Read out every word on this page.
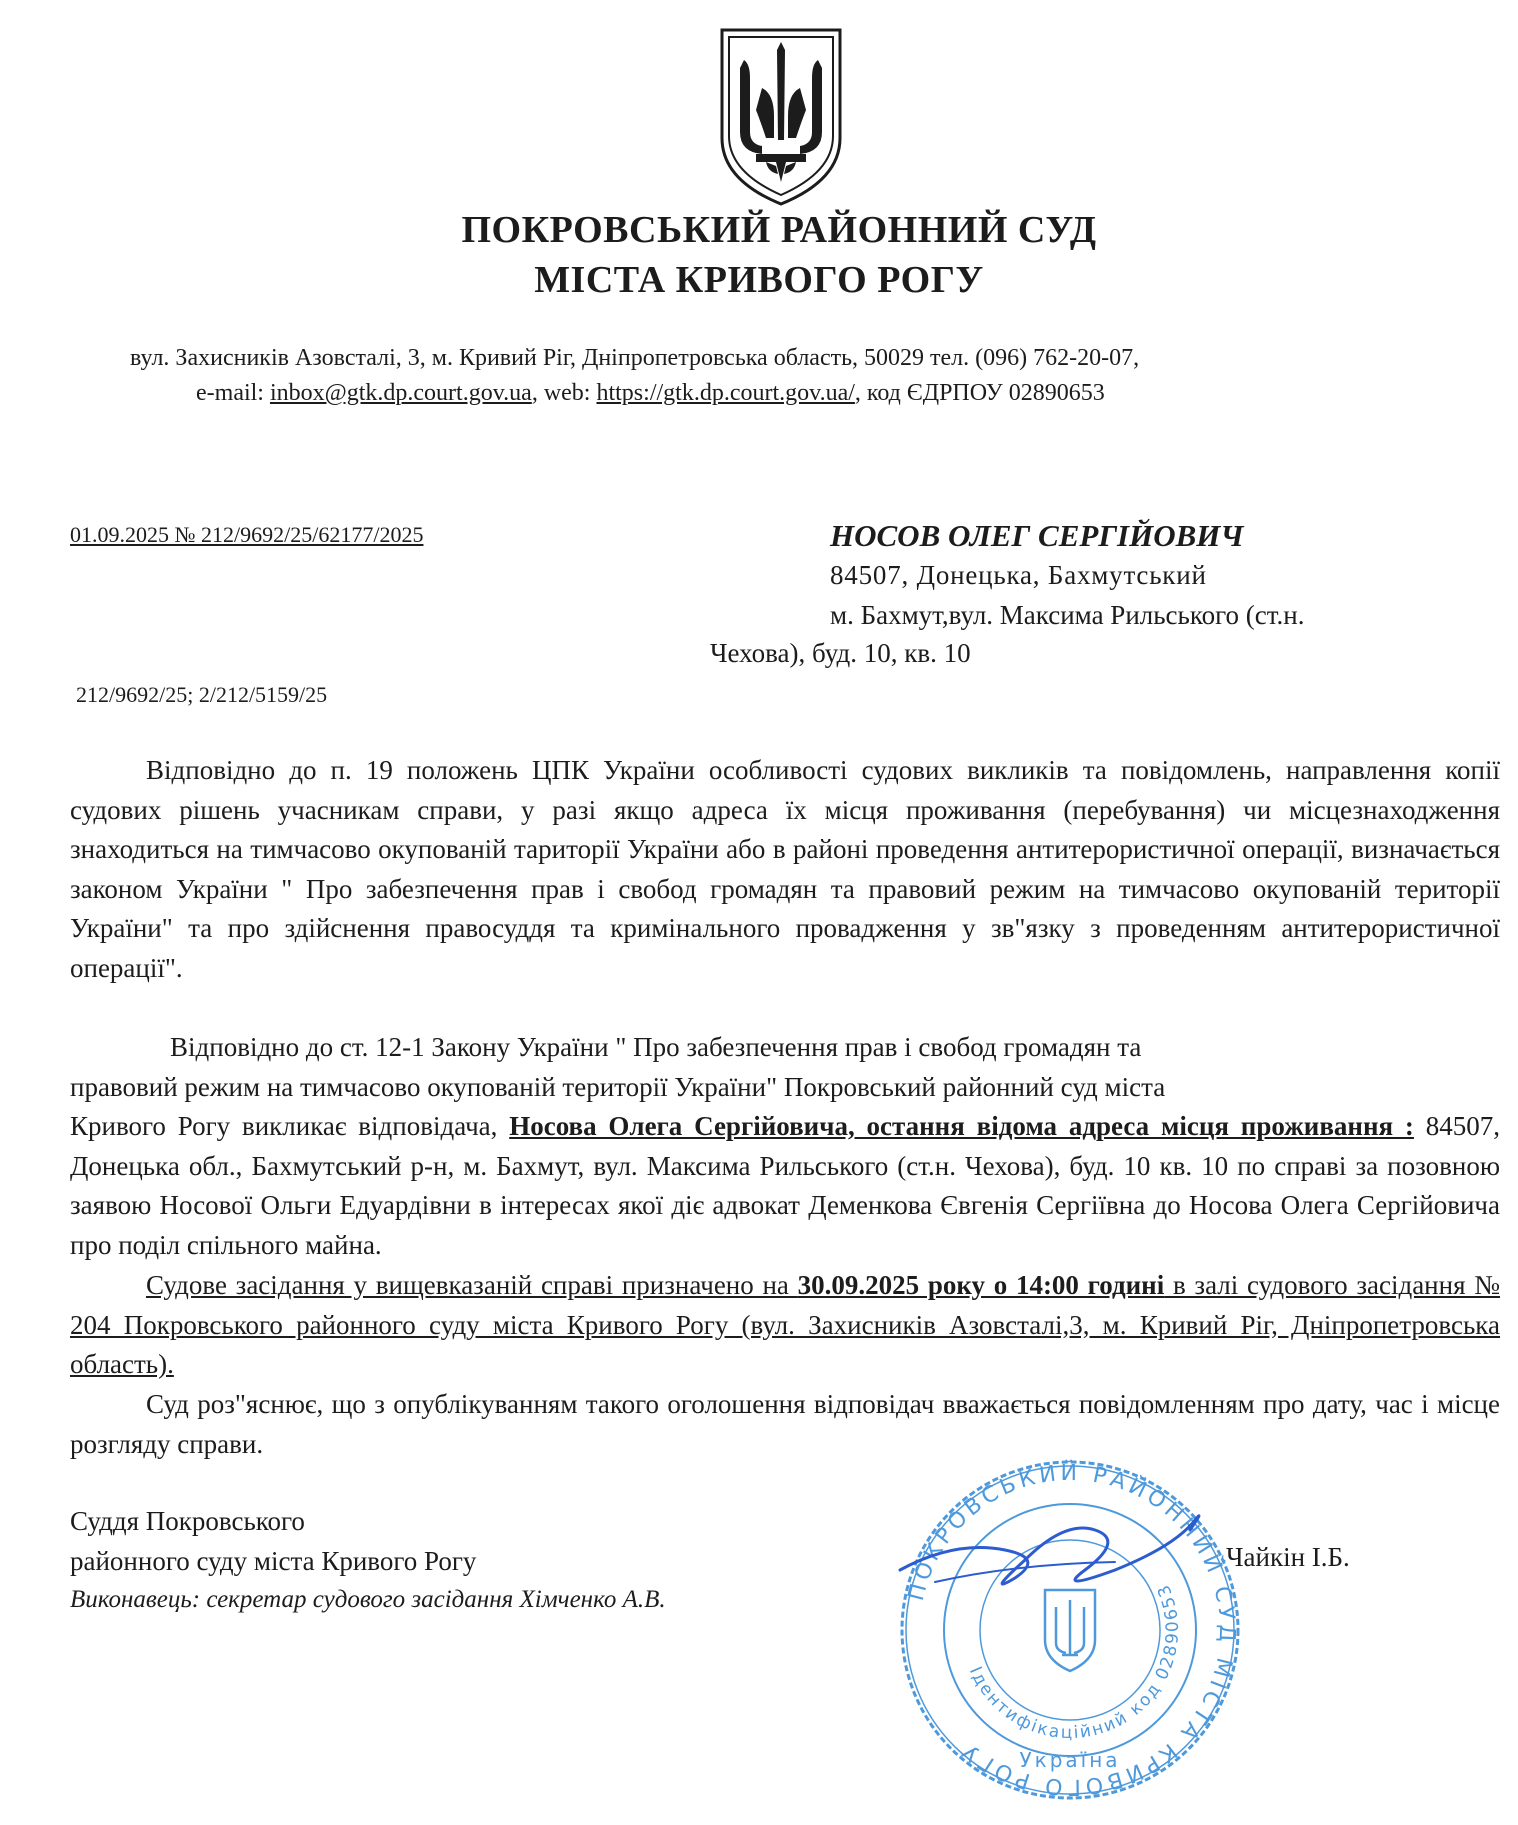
ПОКРОВСЬКИЙ РАЙОННИЙ СУД
МІСТА КРИВОГО РОГУ
вул. Захисників Азовсталі, 3, м. Кривий Ріг, Дніпропетровська область, 50029 тел. (096) 762-20-07,
e-mail: inbox@gtk.dp.court.gov.ua, web: https://gtk.dp.court.gov.ua/, код ЄДРПОУ 02890653
01.09.2025 № 212/9692/25/62177/2025
212/9692/25; 2/212/5159/25
НОСОВ ОЛЕГ СЕРГІЙОВИЧ
84507, Донецька, Бахмутський
м. Бахмут,вул. Максима Рильського (ст.н.
Чехова), буд. 10, кв. 10
Відповідно до п. 19 положень ЦПК України особливості судових викликів та повідомлень, направлення копії судових рішень учасникам справи, у разі якщо адреса їх місця проживання (перебування) чи місцезнаходження знаходиться на тимчасово окупованій тариторії України або в районі проведення антитерористичної операції, визначається законом України " Про забезпечення прав і свобод громадян та правовий режим на тимчасово окупованій території України" та про здійснення правосуддя та кримінального провадження у зв"язку з проведенням антитерористичної операції".
Відповідно до ст. 12-1 Закону України " Про забезпечення прав і свобод громадян та
правовий режим на тимчасово окупованій території України" Покровський районний суд міста
Кривого Рогу викликає відповідача, Носова Олега Сергійовича, остання відома адреса місця проживання : 84507, Донецька обл., Бахмутський р-н, м. Бахмут, вул. Максима Рильського (ст.н. Чехова), буд. 10 кв. 10 по справі за позовною заявою Носової Ольги Едуардівни в інтересах якої діє адвокат Деменкова Євгенія Сергіївна до Носова Олега Сергійовича про поділ спільного майна.
Судове засідання у вищевказаній справі призначено на 30.09.2025 року о 14:00 годині в залі судового засідання № 204 Покровського районного суду міста Кривого Рогу (вул. Захисників Азовсталі,3, м. Кривий Ріг, Дніпропетровська область).
Суд роз"яснює, що з опублікуванням такого оголошення відповідач вважається повідомленням про дату, час і місце розгляду справи.
Суддя Покровського
районного суду міста Кривого Рогу
Виконавець: секретар судового засідання Хімченко А.В.	ПОКРОВСЬКИЙ РАЙОННИЙ СУД МІСТА КРИВОГО РОГУ
Ідентифікаційний код 02890653
Україна
Чайкін І.Б.
